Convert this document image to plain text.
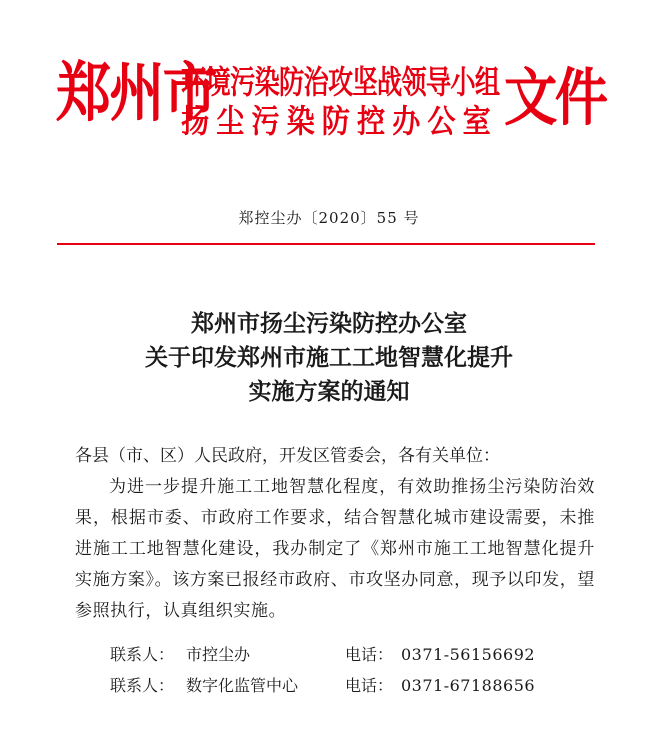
郑州市
环境污染防治攻坚战领导小组
扬尘污染防控办公室 文件
郑控尘办〔2020〕55 号
郑州市扬尘污染防控办公室
关于印发郑州市施工工地智慧化提升
实施方案的通知

各县（市、区）人民政府，开发区管委会，各有关单位：

为进一步提升施工工地智慧化程度，有效助推扬尘污染防治效果，根据市委、市政府工作要求，结合智慧化城市建设需要，未推进施工工地智慧化建设，我办制定了《郑州市施工工地智慧化提升实施方案》。该方案已报经市政府、市攻坚办同意，现予以印发，望参照执行，认真组织实施。

联系人： 市控尘办	电话： 0371-56156692
联系人： 数字化监管中心	电话： 0371-67188656
